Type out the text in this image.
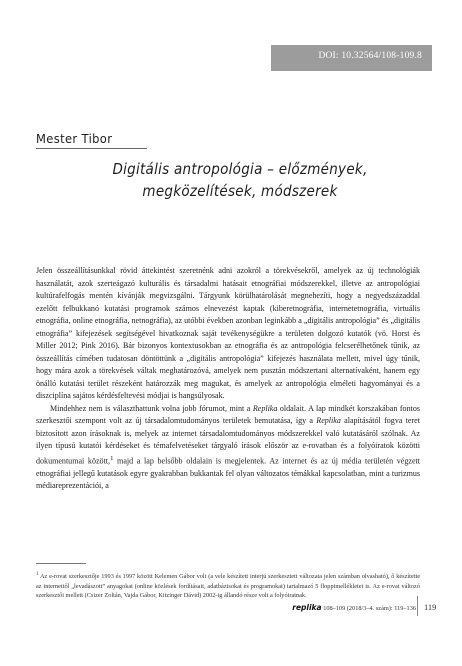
DOI: 10.32564/108-109.8
Mester Tibor
Digitális antropológia – előzmények,
megközelítések, módszerek

Jelen összeállításunkkal rövid áttekintést szeretnénk adni azokról a törekvésekről, amelyek az új technológiák használatát, azok szerteágazó kulturális és társadalmi hatásait etnográfiai módszerekkel, illetve az antropológiai kultúrafelfogás mentén kívánják megvizsgálni. Tárgyunk körülhatárolását megnehezíti, hogy a negyedszázaddal ezelőtt felbukkanó kutatási programok számos elnevezést kaptak (kiberetnográfia, internetetnográfia, virtuális etnográfia, online etnográfia, netnográfia), az utóbbi években azonban leginkább a „digitális antropológia” és „digitális etnográfia” kifejezések segítségével hivatkoznak saját tevékenységükre a területen dolgozó kutatók (vö. Horst és Miller 2012; Pink 2016). Bár bizonyos kontextusokban az etnográfia és az antropológia felcserélhetőnek tűnik, az összeállítás címében tudatosan döntöttünk a „digitális antropológia” kifejezés használata mellett, mivel úgy tűnik, hogy mára azok a törekvések váltak meghatározóvá, amelyek nem pusztán módszertani alternatívaként, hanem egy önálló kutatási terület részeként határozzák meg magukat, és amelyek az antropológia elméleti hagyományai és a diszciplína sajátos kérdésfeltevési módjai is hangsúlyosak.

Mindehhez nem is választhattunk volna jobb fórumot, mint a Replika oldalait. A lap mindkét korszakában fontos szerkesztői szempont volt az új társadalomtudományos területek bemutatása, így a Replika alapításától fogva teret biztosított azon írásoknak is, melyek az internet társadalomtudományos módszerekkel való kutatásáról szólnak. Az ilyen típusú kutatói kérdéseket és témafelvetéseket tárgyaló írások először az e-rovatban és a folyóiratok közötti dokumentumai között,$^1$ majd a lap belsőbb oldalain is megjelentek. Az internet és az új média területén végzett etnográfiai jellegű kutatások egyre gyakrabban bukkantak fel olyan változatos témákkal kapcsolatban, mint a turizmus médiareprezentációi, a

$^1$ Az e-rovat szerkesztője 1993 és 1997 között Kelemen Gábor volt (a vele készített interjú szerkesztett változata jelen számban olvasható), ő készítette az internettől „levadászott” anyagokat (online közlések fordításait, adatbázisokat és programokat) tartalmazó 5 floppimellékletet is. Az e-rovat változó szerkesztői mellett (Csizer Zoltán, Vajda Gábor, Kitzinger Dávid) 2002-ig állandó része volt a folyóiratnak.
replika 108–109 (2018/3–4. szám): 119–136 119
